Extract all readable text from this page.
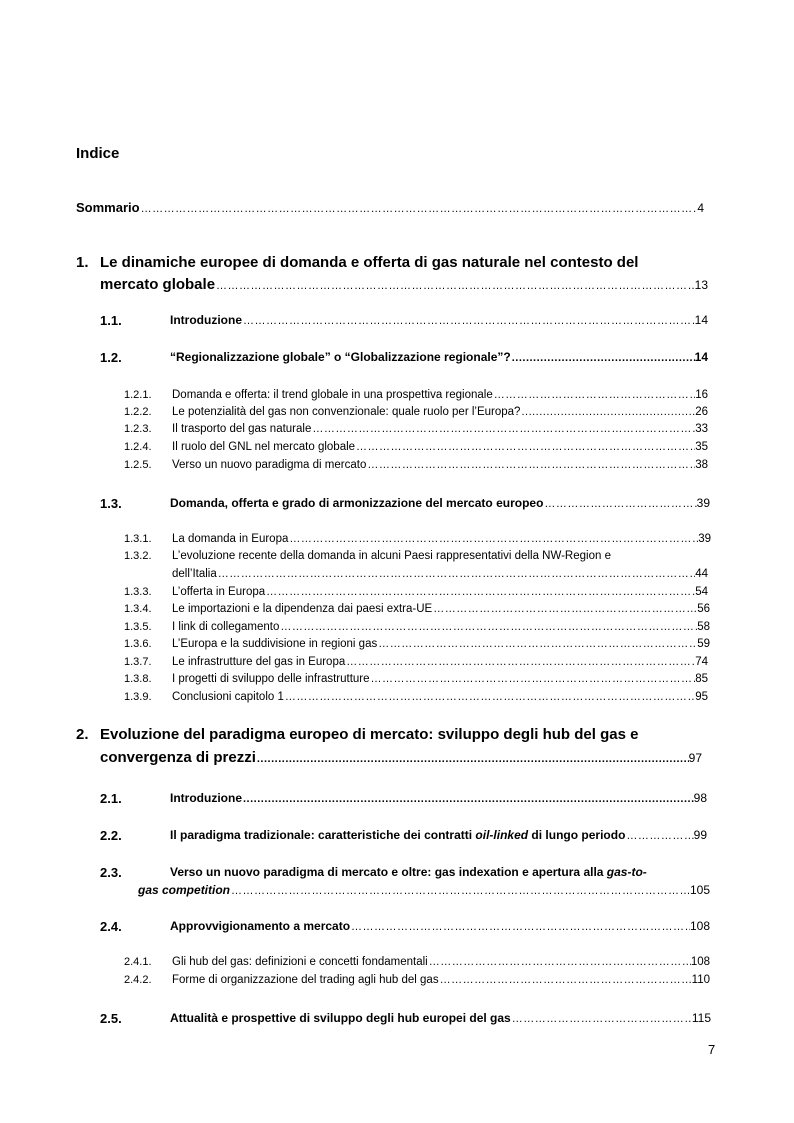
Indice
Sommario …………………………………………………………………………………………………………………………………………………………………………………………………………………………	4
1. Le dinamiche europee di domanda e offerta di gas naturale nel contesto del
mercato globale …………………………………………………………………………………………………………………………………………………………………………………………………………………………	13
1.1.	Introduzione …………………………………………………………………………………………………………………………………………………………………………………………………………………………	14
1.2.	“Regionalizzazione globale” o “Globalizzazione regionale”? .....	14
1.2.1. Domanda e offerta: il trend globale in una prospettiva regionale …………………………………………………………………………………………………………………………………………………………………………………………………………………………	16
1.2.2. Le potenzialità del gas non convenzionale: quale ruolo per l’Europa? .....	26
1.2.3. Il trasporto del gas naturale …………………………………………………………………………………………………………………………………………………………………………………………………………………………	33
1.2.4. Il ruolo del GNL nel mercato globale …………………………………………………………………………………………………………………………………………………………………………………………………………………………	35
1.2.5. Verso un nuovo paradigma di mercato …………………………………………………………………………………………………………………………………………………………………………………………………………………………	38
1.3.	Domanda, offerta e grado di armonizzazione del mercato europeo …………………………………………………………………………………………………………………………………………………………………………………………………………………………	39
1.3.1. La domanda in Europa …………………………………………………………………………………………………………………………………………………………………………………………………………………………	39
1.3.2. L’evoluzione recente della domanda in alcuni Paesi rappresentativi della NW-Region e
dell’Italia …………………………………………………………………………………………………………………………………………………………………………………………………………………………	44
1.3.3. L’offerta in Europa …………………………………………………………………………………………………………………………………………………………………………………………………………………………	54
1.3.4. Le importazioni e la dipendenza dai paesi extra-UE …………………………………………………………………………………………………………………………………………………………………………………………………………………………	56
1.3.5. I link di collegamento …………………………………………………………………………………………………………………………………………………………………………………………………………………………	58
1.3.6. L’Europa e la suddivisione in regioni gas …………………………………………………………………………………………………………………………………………………………………………………………………………………………	59
1.3.7. Le infrastrutture del gas in Europa …………………………………………………………………………………………………………………………………………………………………………………………………………………………	74
1.3.8. I progetti di sviluppo delle infrastrutture …………………………………………………………………………………………………………………………………………………………………………………………………………………………	85
1.3.9. Conclusioni capitolo 1 …………………………………………………………………………………………………………………………………………………………………………………………………………………………	95
2. Evoluzione del paradigma europeo di mercato: sviluppo degli hub del gas e
convergenza di prezzi .....	97
2.1.	Introduzione .....	98
2.2.	Il paradigma tradizionale: caratteristiche dei contratti oil-linked di lungo periodo …………………………………………………………………………………………………………………………………………………………………………………………………………………………	99
2.3.	Verso un nuovo paradigma di mercato e oltre: gas indexation e apertura alla gas-to-
gas competition …………………………………………………………………………………………………………………………………………………………………………………………………………………………	105
2.4.	Approvvigionamento a mercato …………………………………………………………………………………………………………………………………………………………………………………………………………………………	108
2.4.1. Gli hub del gas: definizioni e concetti fondamentali …………………………………………………………………………………………………………………………………………………………………………………………………………………………	108
2.4.2. Forme di organizzazione del trading agli hub del gas …………………………………………………………………………………………………………………………………………………………………………………………………………………………	110
2.5.	Attualità e prospettive di sviluppo degli hub europei del gas …………………………………………………………………………………………………………………………………………………………………………………………………………………………	115
7
